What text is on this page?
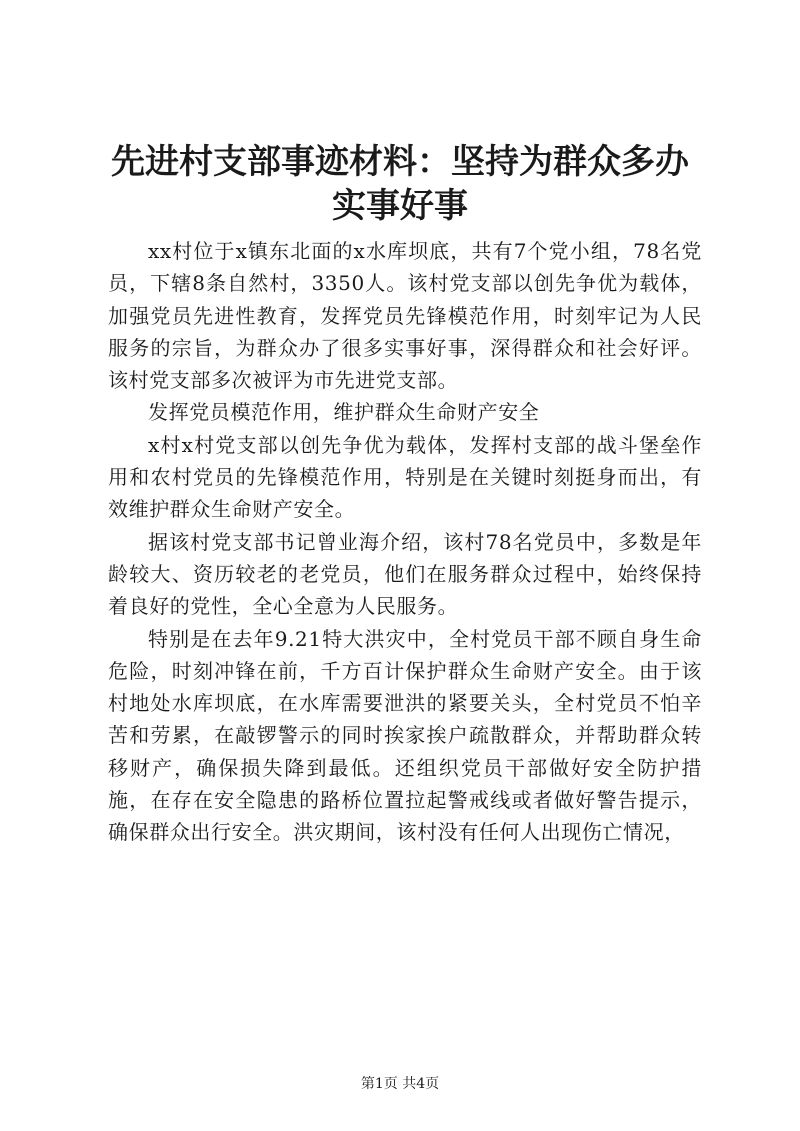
先进村支部事迹材料：坚持为群众多办实事好事

xx村位于x镇东北面的x水库坝底，共有7个党小组，78名党员，下辖8条自然村，3350人。该村党支部以创先争优为载体，加强党员先进性教育，发挥党员先锋模范作用，时刻牢记为人民服务的宗旨，为群众办了很多实事好事，深得群众和社会好评。该村党支部多次被评为市先进党支部。

发挥党员模范作用，维护群众生命财产安全

x村x村党支部以创先争优为载体，发挥村支部的战斗堡垒作用和农村党员的先锋模范作用，特别是在关键时刻挺身而出，有效维护群众生命财产安全。

据该村党支部书记曾业海介绍，该村78名党员中，多数是年龄较大、资历较老的老党员，他们在服务群众过程中，始终保持着良好的党性，全心全意为人民服务。

特别是在去年9.21特大洪灾中，全村党员干部不顾自身生命危险，时刻冲锋在前，千方百计保护群众生命财产安全。由于该村地处水库坝底，在水库需要泄洪的紧要关头，全村党员不怕辛苦和劳累，在敲锣警示的同时挨家挨户疏散群众，并帮助群众转移财产，确保损失降到最低。还组织党员干部做好安全防护措施，在存在安全隐患的路桥位置拉起警戒线或者做好警告提示，确保群众出行安全。洪灾期间，该村没有任何人出现伤亡情况，

第1页 共4页
